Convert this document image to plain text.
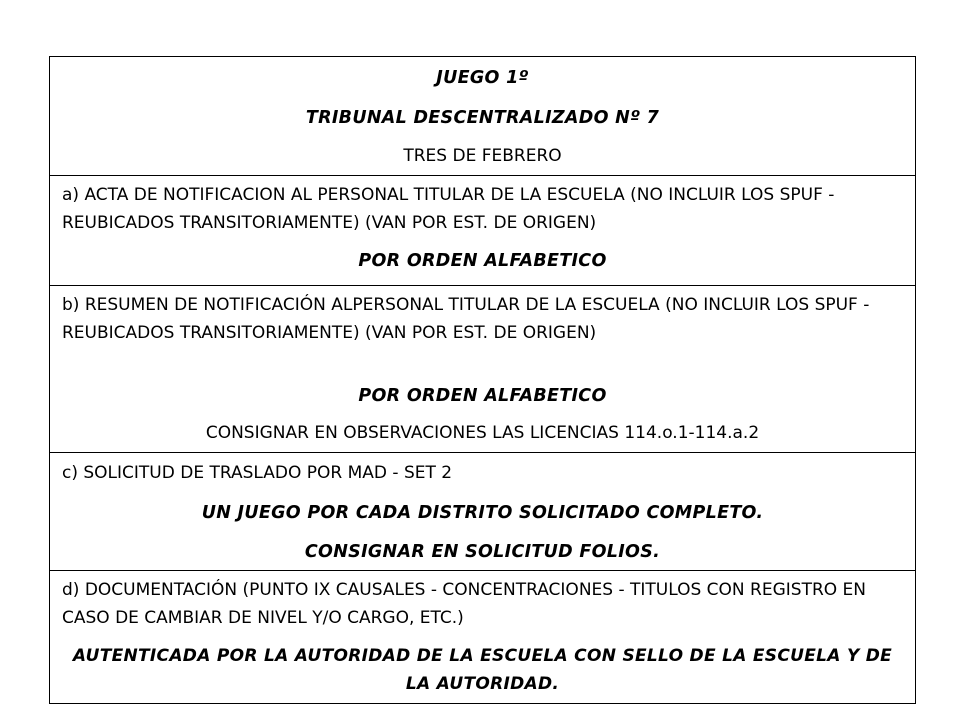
JUEGO 1º
TRIBUNAL DESCENTRALIZADO Nº 7
TRES DE FEBRERO
a) ACTA DE NOTIFICACION AL PERSONAL TITULAR DE LA ESCUELA (NO INCLUIR LOS SPUF - REUBICADOS TRANSITORIAMENTE) (VAN POR EST. DE ORIGEN)
POR ORDEN ALFABETICO
b) RESUMEN DE NOTIFICACIÓN ALPERSONAL TITULAR DE LA ESCUELA (NO INCLUIR LOS SPUF - REUBICADOS TRANSITORIAMENTE) (VAN POR EST. DE ORIGEN)
POR ORDEN ALFABETICO
CONSIGNAR EN OBSERVACIONES LAS LICENCIAS 114.o.1-114.a.2
c) SOLICITUD DE TRASLADO POR MAD - SET 2
UN JUEGO POR CADA DISTRITO SOLICITADO COMPLETO.
CONSIGNAR EN SOLICITUD FOLIOS.
d) DOCUMENTACIÓN (PUNTO IX CAUSALES - CONCENTRACIONES - TITULOS CON REGISTRO EN CASO DE CAMBIAR DE NIVEL Y/O CARGO, ETC.)
AUTENTICADA POR LA AUTORIDAD DE LA ESCUELA CON SELLO DE LA ESCUELA Y DE LA AUTORIDAD.
